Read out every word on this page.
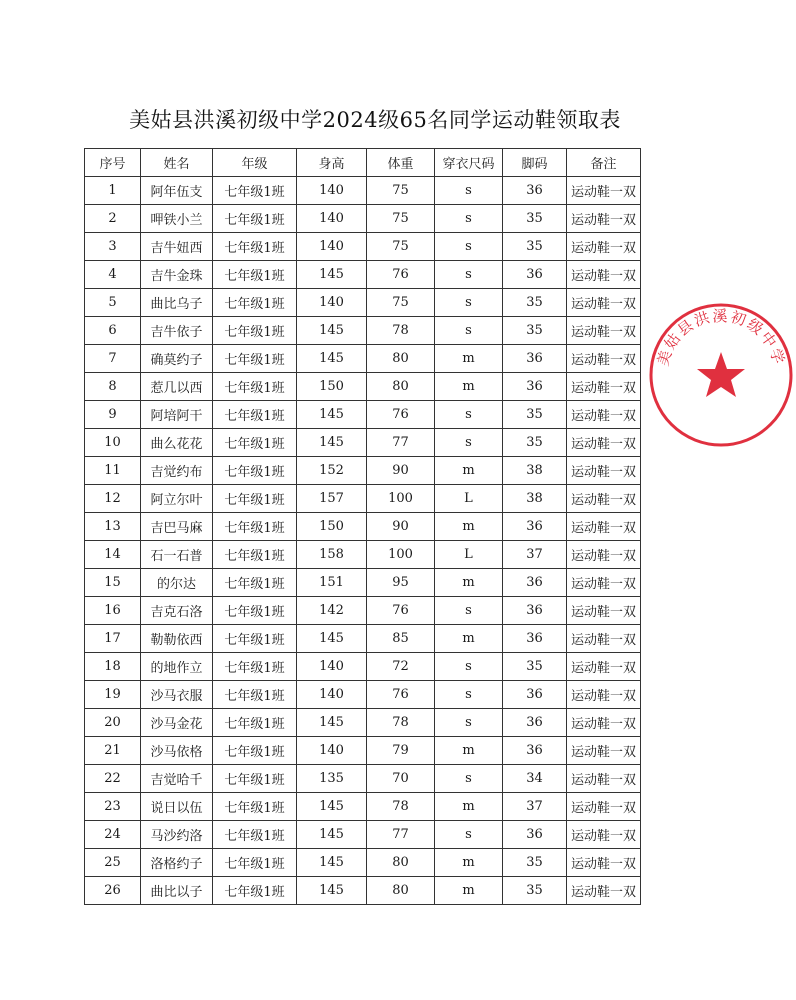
美姑县洪溪初级中学2024级65名同学运动鞋领取表
序号	姓名	年级	身高	体重	穿衣尺码	脚码	备注
1	阿年伍支	七年级1班	140	75	s	36	运动鞋一双
2	呷铁小兰	七年级1班	140	75	s	35	运动鞋一双
3	吉牛妞西	七年级1班	140	75	s	35	运动鞋一双
4	吉牛金珠	七年级1班	145	76	s	36	运动鞋一双
5	曲比乌子	七年级1班	140	75	s	35	运动鞋一双
6	吉牛依子	七年级1班	145	78	s	35	运动鞋一双
7	确莫约子	七年级1班	145	80	m	36	运动鞋一双
8	惹几以西	七年级1班	150	80	m	36	运动鞋一双
9	阿培阿干	七年级1班	145	76	s	35	运动鞋一双
10	曲么花花	七年级1班	145	77	s	35	运动鞋一双
11	吉觉约布	七年级1班	152	90	m	38	运动鞋一双
12	阿立尔叶	七年级1班	157	100	L	38	运动鞋一双
13	吉巴马麻	七年级1班	150	90	m	36	运动鞋一双
14	石一石普	七年级1班	158	100	L	37	运动鞋一双
15	的尔达	七年级1班	151	95	m	36	运动鞋一双
16	吉克石洛	七年级1班	142	76	s	36	运动鞋一双
17	勒勒依西	七年级1班	145	85	m	36	运动鞋一双
18	的地作立	七年级1班	140	72	s	35	运动鞋一双
19	沙马衣服	七年级1班	140	76	s	36	运动鞋一双
20	沙马金花	七年级1班	145	78	s	36	运动鞋一双
21	沙马依格	七年级1班	140	79	m	36	运动鞋一双
22	吉觉哈千	七年级1班	135	70	s	34	运动鞋一双
23	说日以伍	七年级1班	145	78	m	37	运动鞋一双
24	马沙约洛	七年级1班	145	77	s	36	运动鞋一双
25	洛格约子	七年级1班	145	80	m	35	运动鞋一双
26	曲比以子	七年级1班	145	80	m	35	运动鞋一双
美姑县洪溪初级中学
